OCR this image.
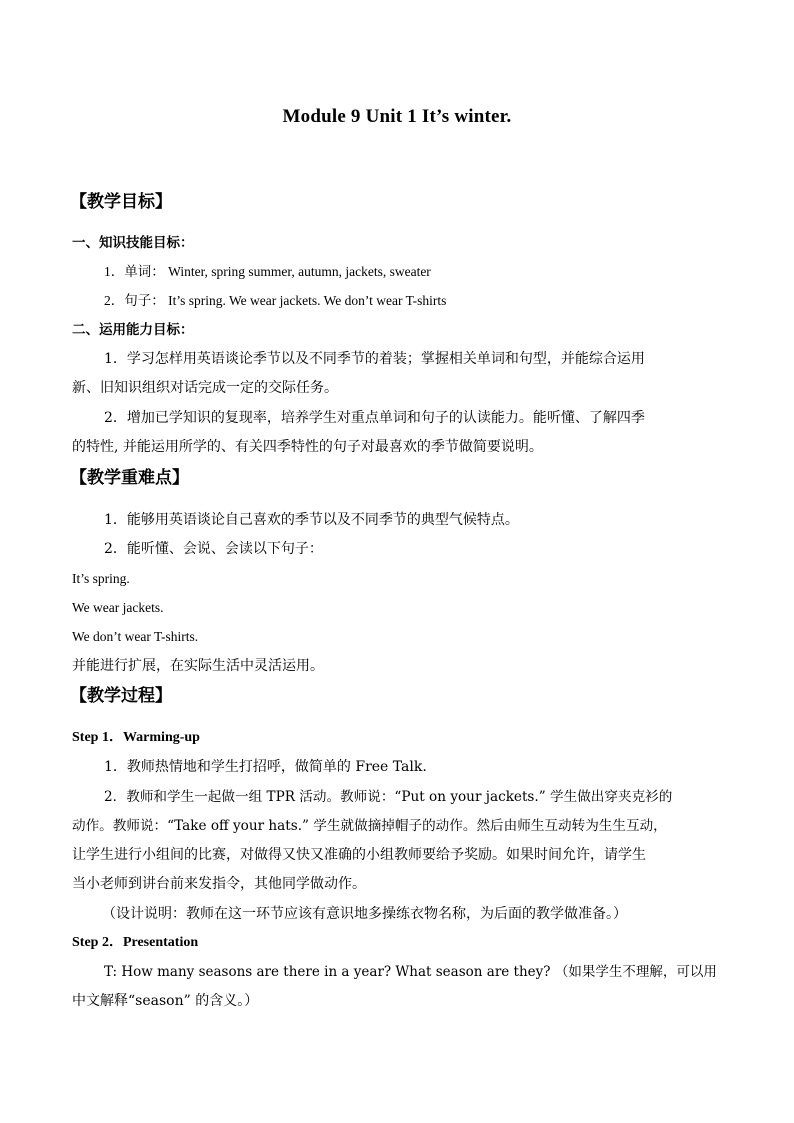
Module 9 Unit 1 It’s winter.
【教学目标】
一、知识技能目标：
1．单词： Winter, spring summer, autumn, jackets, sweater
2．句子： It’s spring. We wear jackets. We don’t wear T-shirts
二、运用能力目标：
1．学习怎样用英语谈论季节以及不同季节的着装；掌握相关单词和句型，并能综合运用
新、旧知识组织对话完成一定的交际任务。
2．增加已学知识的复现率，培养学生对重点单词和句子的认读能力。能听懂、了解四季
的特性, 并能运用所学的、有关四季特性的句子对最喜欢的季节做简要说明。
【教学重难点】
1．能够用英语谈论自己喜欢的季节以及不同季节的典型气候特点。
2．能听懂、会说、会读以下句子：
It’s spring.
We wear jackets.
We don’t wear T-shirts.
并能进行扩展，在实际生活中灵活运用。
【教学过程】
Step 1．Warming-up
1．教师热情地和学生打招呼，做简单的 Free Talk.
2．教师和学生一起做一组 TPR 活动。教师说：“Put on your jackets.” 学生做出穿夹克衫的
动作。教师说：“Take off your hats.” 学生就做摘掉帽子的动作。然后由师生互动转为生生互动，
让学生进行小组间的比赛，对做得又快又准确的小组教师要给予奖励。如果时间允许，请学生
当小老师到讲台前来发指令，其他同学做动作。
（设计说明：教师在这一环节应该有意识地多操练衣物名称，为后面的教学做准备。）
Step 2．Presentation
T: How many seasons are there in a year? What season are they? （如果学生不理解，可以用
中文解释“season” 的含义。）
